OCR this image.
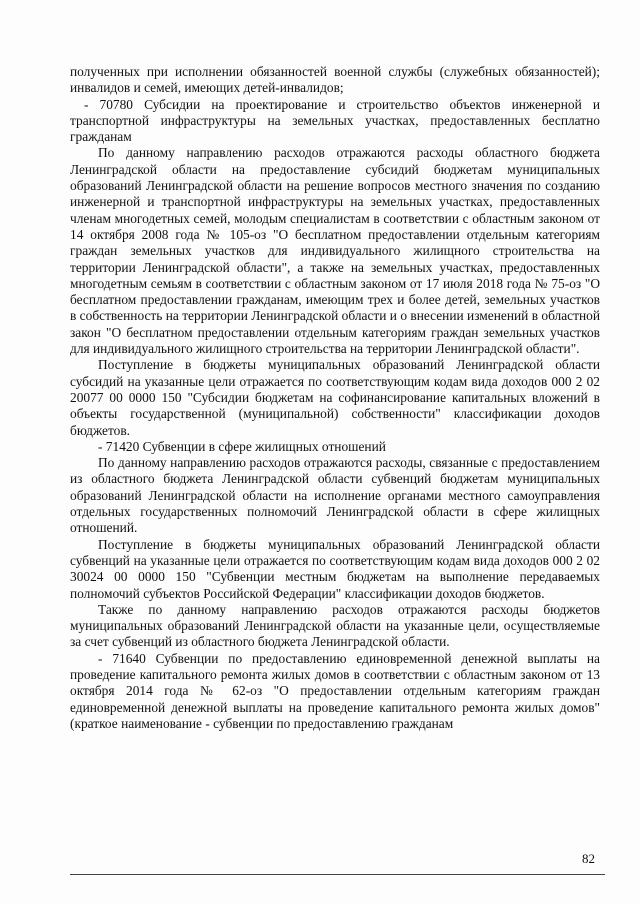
полученных при исполнении обязанностей военной службы (служебных обязанностей); инвалидов и семей, имеющих детей-инвалидов;

- 70780 Субсидии на проектирование и строительство объектов инженерной и транспортной инфраструктуры на земельных участках, предоставленных бесплатно гражданам

По данному направлению расходов отражаются расходы областного бюджета Ленинградской области на предоставление субсидий бюджетам муниципальных образований Ленинградской области на решение вопросов местного значения по созданию инженерной и транспортной инфраструктуры на земельных участках, предоставленных членам многодетных семей, молодым специалистам в соответствии с областным законом от 14 октября 2008 года № 105-оз "О бесплатном предоставлении отдельным категориям граждан земельных участков для индивидуального жилищного строительства на территории Ленинградской области", а также на земельных участках, предоставленных многодетным семьям в соответствии с областным законом от 17 июля 2018 года № 75-оз "О бесплатном предоставлении гражданам, имеющим трех и более детей, земельных участков в собственность на территории Ленинградской области и о внесении изменений в областной закон "О бесплатном предоставлении отдельным категориям граждан земельных участков для индивидуального жилищного строительства на территории Ленинградской области".

Поступление в бюджеты муниципальных образований Ленинградской области субсидий на указанные цели отражается по соответствующим кодам вида доходов 000 2 02 20077 00 0000 150 "Субсидии бюджетам на софинансирование капитальных вложений в объекты государственной (муниципальной) собственности" классификации доходов бюджетов.

- 71420 Субвенции в сфере жилищных отношений

По данному направлению расходов отражаются расходы, связанные с предоставлением из областного бюджета Ленинградской области субвенций бюджетам муниципальных образований Ленинградской области на исполнение органами местного самоуправления отдельных государственных полномочий Ленинградской области в сфере жилищных отношений.

Поступление в бюджеты муниципальных образований Ленинградской области субвенций на указанные цели отражается по соответствующим кодам вида доходов 000 2 02 30024 00 0000 150 "Субвенции местным бюджетам на выполнение передаваемых полномочий субъектов Российской Федерации" классификации доходов бюджетов.

Также по данному направлению расходов отражаются расходы бюджетов муниципальных образований Ленинградской области на указанные цели, осуществляемые за счет субвенций из областного бюджета Ленинградской области.

- 71640 Субвенции по предоставлению единовременной денежной выплаты на проведение капитального ремонта жилых домов в соответствии с областным законом от 13 октября 2014 года № 62-оз "О предоставлении отдельным категориям граждан единовременной денежной выплаты на проведение капитального ремонта жилых домов" (краткое наименование - субвенции по предоставлению гражданам

82
